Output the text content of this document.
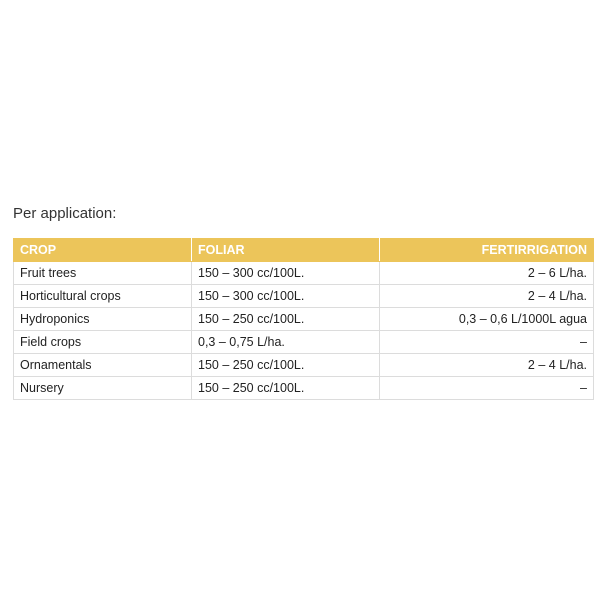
Per application:

CROP	FOLIAR	FERTIRRIGATION
Fruit trees	150 – 300 cc/100L.	2 – 6 L/ha.
Horticultural crops	150 – 300 cc/100L.	2 – 4 L/ha.
Hydroponics	150 – 250 cc/100L.	0,3 – 0,6 L/1000L agua
Field crops	0,3 – 0,75 L/ha.	–
Ornamentals	150 – 250 cc/100L.	2 – 4 L/ha.
Nursery	150 – 250 cc/100L.	–
